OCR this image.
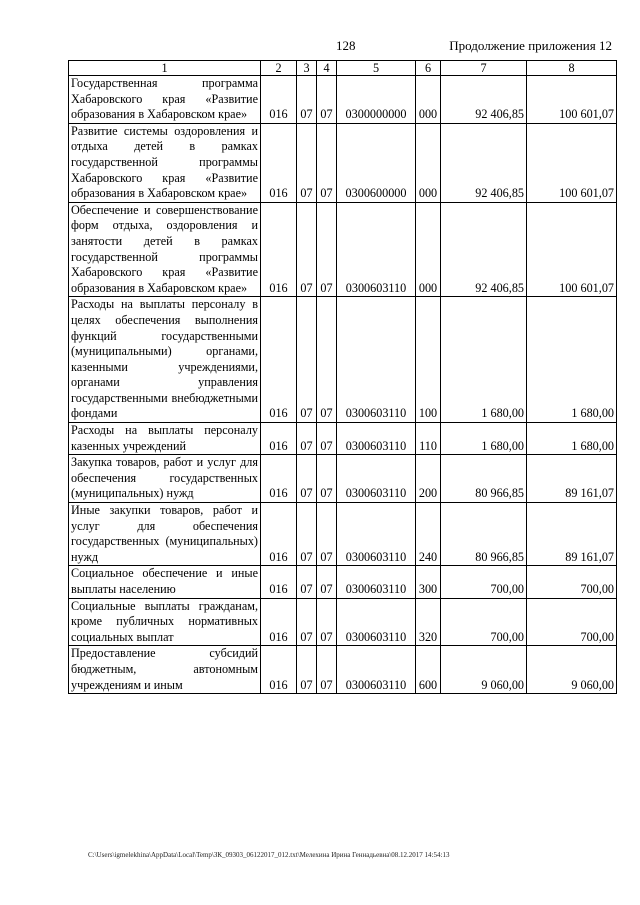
128	Продолжение приложения 12
1	2	3	4	5	6	7	8
Государственная программа Хабаровского края «Развитие образования в Хабаровском крае»	016	07	07	0300000000	000	92 406,85	100 601,07
Развитие системы оздоровления и отдыха детей в рамках государственной программы Хабаровского края «Развитие образования в Хабаровском крае»	016	07	07	0300600000	000	92 406,85	100 601,07
Обеспечение и совершенствование форм отдыха, оздоровления и занятости детей в рамках государственной программы Хабаровского края «Развитие образования в Хабаровском крае»	016	07	07	0300603110	000	92 406,85	100 601,07
Расходы на выплаты персоналу в целях обеспечения выполнения функций государственными (муниципальными) органами, казенными учреждениями, органами управления государственными внебюджетными фондами	016	07	07	0300603110	100	1 680,00	1 680,00
Расходы на выплаты персоналу казенных учреждений	016	07	07	0300603110	110	1 680,00	1 680,00
Закупка товаров, работ и услуг для обеспечения государственных (муниципальных) нужд	016	07	07	0300603110	200	80 966,85	89 161,07
Иные закупки товаров, работ и услуг для обеспечения государственных (муниципальных) нужд	016	07	07	0300603110	240	80 966,85	89 161,07
Социальное обеспечение и иные выплаты населению	016	07	07	0300603110	300	700,00	700,00
Социальные выплаты гражданам, кроме публичных нормативных социальных выплат	016	07	07	0300603110	320	700,00	700,00
Предоставление субсидий бюджетным, автономным учреждениям и иным	016	07	07	0300603110	600	9 060,00	9 060,00
C:\Users\igmelekhina\AppData\Local\Temp\ЗК_09303_06122017_012.txt\Мелехина Ирина Геннадьевна\08.12.2017 14:54:13
